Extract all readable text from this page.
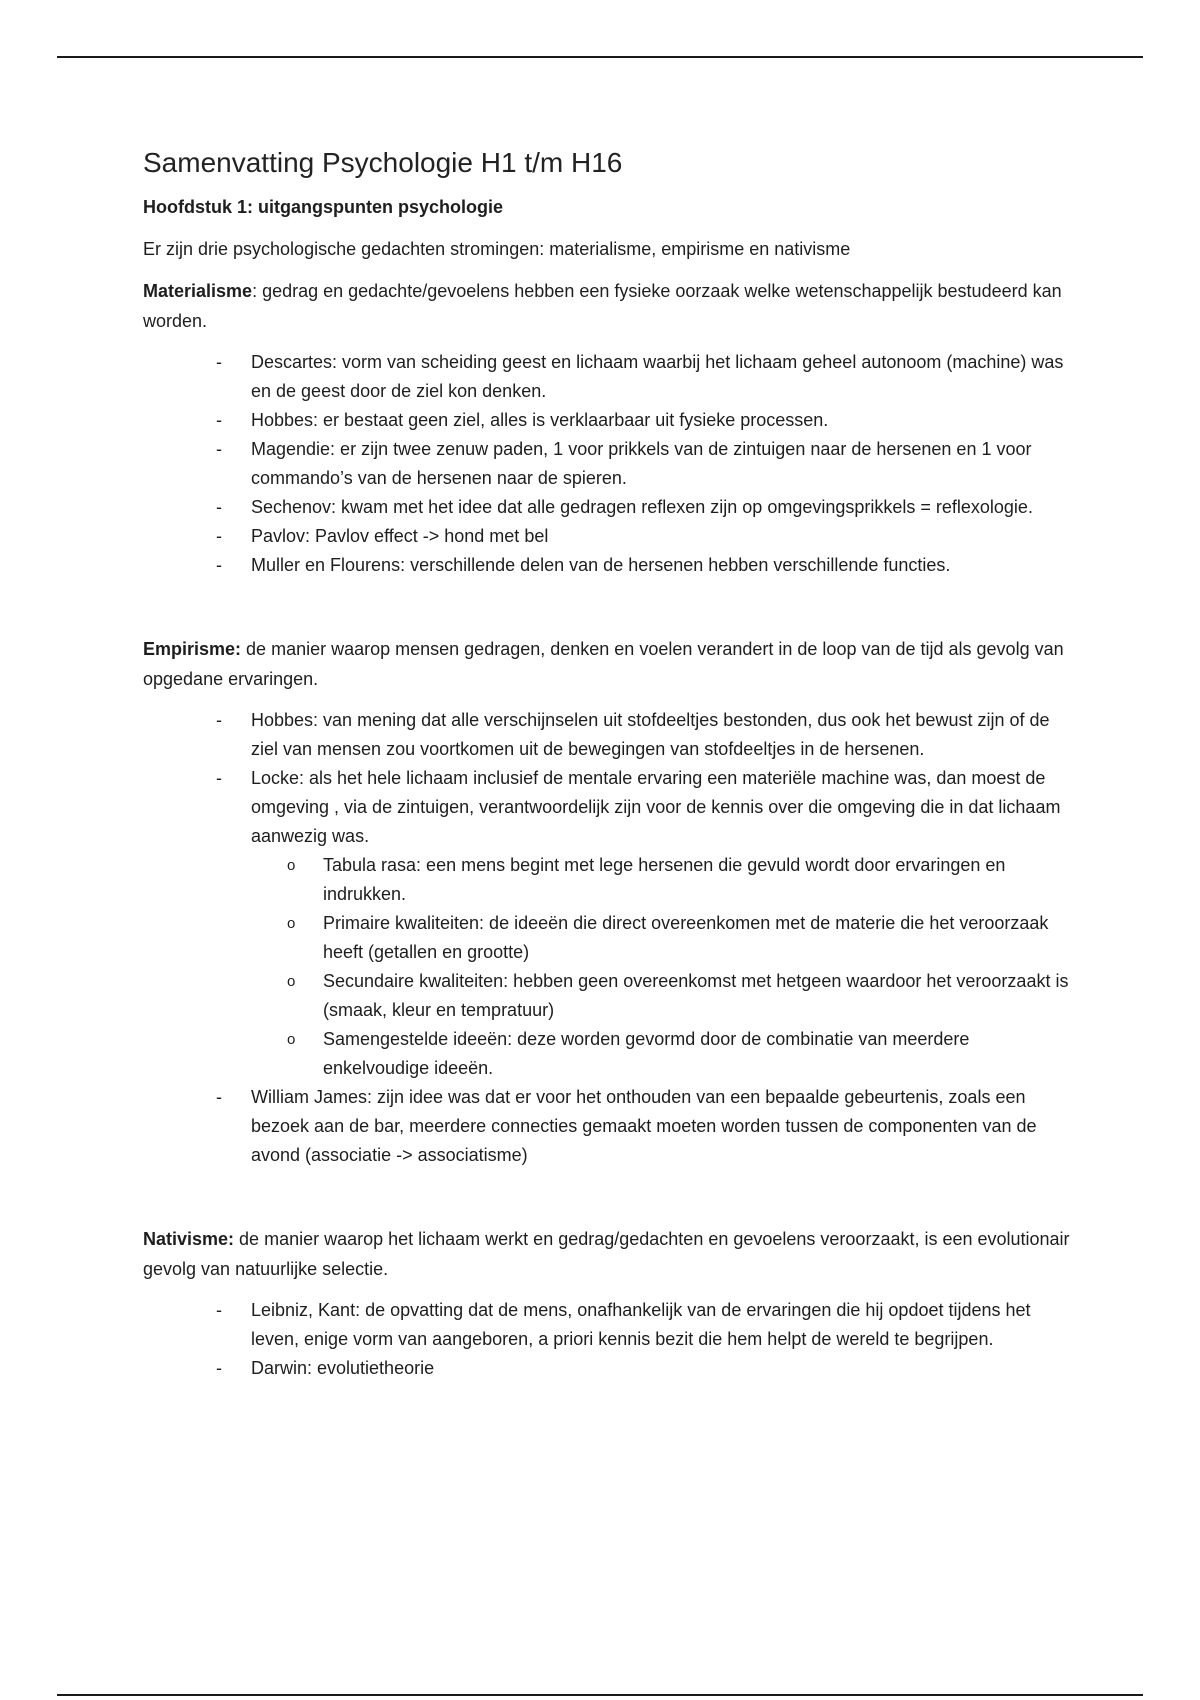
Samenvatting Psychologie H1 t/m H16
Hoofdstuk 1: uitgangspunten psychologie
Er zijn drie psychologische gedachten stromingen: materialisme, empirisme en nativisme
Materialisme: gedrag en gedachte/gevoelens hebben een fysieke oorzaak welke wetenschappelijk bestudeerd kan worden.
- Descartes: vorm van scheiding geest en lichaam waarbij het lichaam geheel autonoom (machine) was en de geest door de ziel kon denken.
- Hobbes: er bestaat geen ziel, alles is verklaarbaar uit fysieke processen.
- Magendie: er zijn twee zenuw paden, 1 voor prikkels van de zintuigen naar de hersenen en 1 voor commando’s van de hersenen naar de spieren.
- Sechenov: kwam met het idee dat alle gedragen reflexen zijn op omgevingsprikkels = reflexologie.
- Pavlov: Pavlov effect -> hond met bel
- Muller en Flourens: verschillende delen van de hersenen hebben verschillende functies.
Empirisme: de manier waarop mensen gedragen, denken en voelen verandert in de loop van de tijd als gevolg van opgedane ervaringen.
- Hobbes: van mening dat alle verschijnselen uit stofdeeltjes bestonden, dus ook het bewust zijn of de ziel van mensen zou voortkomen uit de bewegingen van stofdeeltjes in de hersenen.
- Locke: als het hele lichaam inclusief de mentale ervaring een materiële machine was, dan moest de omgeving , via de zintuigen, verantwoordelijk zijn voor de kennis over die omgeving die in dat lichaam aanwezig was.
o Tabula rasa: een mens begint met lege hersenen die gevuld wordt door ervaringen en indrukken.
o Primaire kwaliteiten: de ideeën die direct overeenkomen met de materie die het veroorzaak heeft (getallen en grootte)
o Secundaire kwaliteiten: hebben geen overeenkomst met hetgeen waardoor het veroorzaakt is (smaak, kleur en tempratuur)
o Samengestelde ideeën: deze worden gevormd door de combinatie van meerdere enkelvoudige ideeën.
- William James: zijn idee was dat er voor het onthouden van een bepaalde gebeurtenis, zoals een bezoek aan de bar, meerdere connecties gemaakt moeten worden tussen de componenten van de avond (associatie -> associatisme)
Nativisme: de manier waarop het lichaam werkt en gedrag/gedachten en gevoelens veroorzaakt, is een evolutionair gevolg van natuurlijke selectie.
- Leibniz, Kant: de opvatting dat de mens, onafhankelijk van de ervaringen die hij opdoet tijdens het leven, enige vorm van aangeboren, a priori kennis bezit die hem helpt de wereld te begrijpen.
- Darwin: evolutietheorie
